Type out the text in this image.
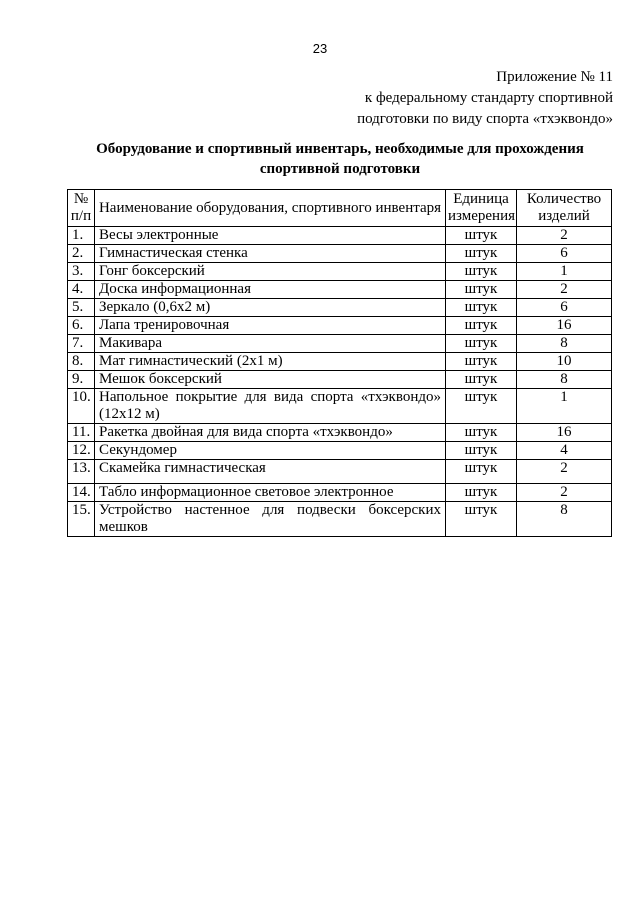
23
Приложение № 11
к федеральному стандарту спортивной
подготовки по виду спорта «тхэквондо»
Оборудование и спортивный инвентарь, необходимые для прохождения
спортивной подготовки
№ п/п	Наименование оборудования, спортивного инвентаря	Единица измерения	Количество изделий
1.	Весы электронные	штук	2
2.	Гимнастическая стенка	штук	6
3.	Гонг боксерский	штук	1
4.	Доска информационная	штук	2
5.	Зеркало (0,6х2 м)	штук	6
6.	Лапа тренировочная	штук	16
7.	Макивара	штук	8
8.	Мат гимнастический (2х1 м)	штук	10
9.	Мешок боксерский	штук	8
10.	Напольное покрытие для вида спорта «тхэквондо» (12х12 м)	штук	1
11.	Ракетка двойная для вида спорта «тхэквондо»	штук	16
12.	Секундомер	штук	4
13.	Скамейка гимнастическая	штук	2
14.	Табло информационное световое электронное	штук	2
15.	Устройство настенное для подвески боксерских мешков	штук	8
